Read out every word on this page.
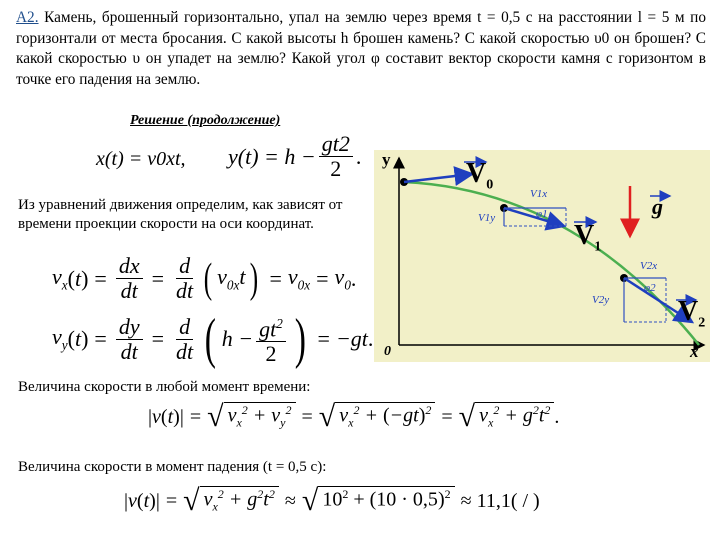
А2. Камень, брошенный горизонтально, упал на землю через время t = 0,5 с на расстоянии l = 5 м по горизонтали от места бросания. С какой высоты h брошен камень? С какой скоростью υ0 он брошен? С какой скоростью υ он упадет на землю? Какой угол φ составит вектор скорости камня с горизонтом в точке его падения на землю.
Решение (продолжение)
x(t) = v0xt, $y(t) = h - \frac{gt2}{2}$ .
Из уравнений движения определим, как зависят от времени проекции скорости на оси координат.
$v_x$ ( t ) = $\frac{dx}{dt} = \frac{d}{dt}$ ( $v_{0x}t$ ) = $v_{0x} = v_0$ .
$v_y$ ( t ) = $\frac{dy}{dt} = \frac{d}{dt}$ ( $h - \frac{gt^2}{2}$ ) = −gt .
y
x
0
$V_0$
$V_1$
$V_2$
g
V1x
V1y	φ1
V2x
V2y
φ2
Величина скорости в любой момент времени:
| v ( t ) | = √ $v_x^2 + v_y^2$ = √ $v_x^2 + (-gt)^2$ = √ $v_x^2 + g^2t^2$ .
Величина скорости в момент падения (t = 0,5 с):
| v ( t ) | = √ $v_x^2 + g^2t^2$ ≈ √ $10^2 + (10 \cdot 0,5)^2 \approx 11,1$( / )
